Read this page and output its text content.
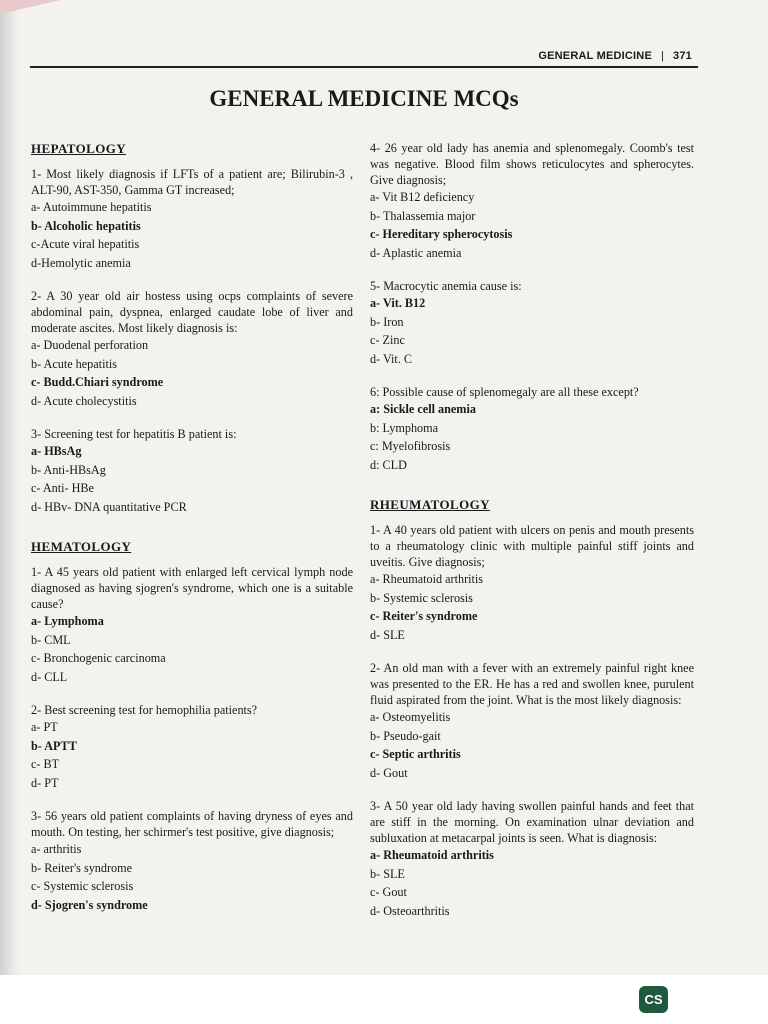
GENERAL MEDICINE | 371
GENERAL MEDICINE MCQs
HEPATOLOGY
1- Most likely diagnosis if LFTs of a patient are; Bilirubin-3 , ALT-90, AST-350, Gamma GT increased;
a- Autoimmune hepatitis
b- Alcoholic hepatitis
c-Acute viral hepatitis
d-Hemolytic anemia
2- A 30 year old air hostess using ocps complaints of severe abdominal pain, dyspnea, enlarged caudate lobe of liver and moderate ascites. Most likely diagnosis is:
a- Duodenal perforation
b- Acute hepatitis
c- Budd.Chiari syndrome
d- Acute cholecystitis
3- Screening test for hepatitis B patient is:
a- HBsAg
b- Anti-HBsAg
c- Anti- HBe
d- HBv- DNA quantitative PCR
HEMATOLOGY
1- A 45 years old patient with enlarged left cervical lymph node diagnosed as having sjogren's syndrome, which one is a suitable cause?
a- Lymphoma
b- CML
c- Bronchogenic carcinoma
d- CLL
2- Best screening test for hemophilia patients?
a- PT
b- APTT
c- BT
d- PT
3- 56 years old patient complaints of having dryness of eyes and mouth. On testing, her schirmer's test positive, give diagnosis;
a- arthritis
b- Reiter's syndrome
c- Systemic sclerosis
d- Sjogren's syndrome
4- 26 year old lady has anemia and splenomegaly. Coomb's test was negative. Blood film shows reticulocytes and spherocytes. Give diagnosis;
a- Vit B12 deficiency
b- Thalassemia major
c- Hereditary spherocytosis
d- Aplastic anemia
5- Macrocytic anemia cause is:
a- Vit. B12
b- Iron
c- Zinc
d- Vit. C
6: Possible cause of splenomegaly are all these except?
a: Sickle cell anemia
b: Lymphoma
c: Myelofibrosis
d: CLD
RHEUMATOLOGY
1- A 40 years old patient with ulcers on penis and mouth presents to a rheumatology clinic with multiple painful stiff joints and uveitis. Give diagnosis;
a- Rheumatoid arthritis
b- Systemic sclerosis
c- Reiter's syndrome
d- SLE
2- An old man with a fever with an extremely painful right knee was presented to the ER. He has a red and swollen knee, purulent fluid aspirated from the joint. What is the most likely diagnosis:
a- Osteomyelitis
b- Pseudo-gait
c- Septic arthritis
d- Gout
3- A 50 year old lady having swollen painful hands and feet that are stiff in the morning. On examination ulnar deviation and subluxation at metacarpal joints is seen. What is diagnosis:
a- Rheumatoid arthritis
b- SLE
c- Gout
d- Osteoarthritis
CS
